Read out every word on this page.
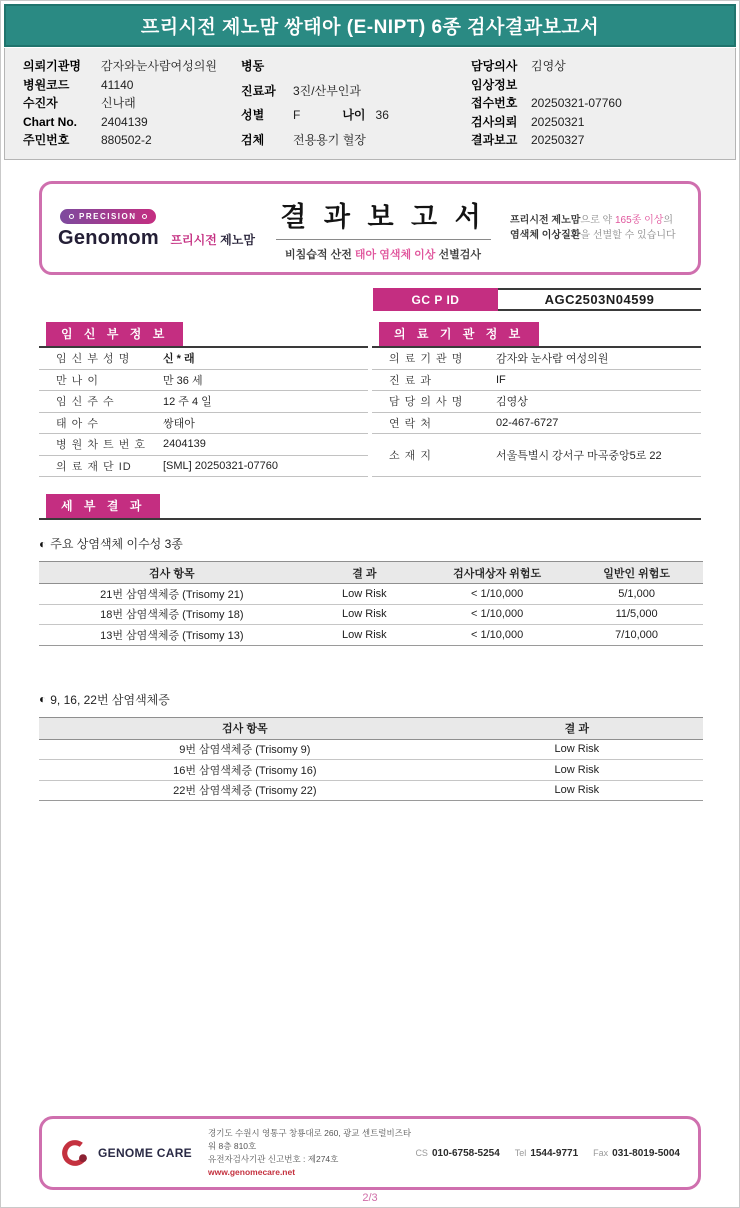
프리시전 제노맘 쌍태아 (E-NIPT) 6종 검사결과보고서
의뢰기관명	감자와눈사람여성의원
병원코드	41140
수진자	신나래
Chart No.	2404139
주민번호	880502-2
병동
진료과	3진/산부인과
성별	F	나이 36
검체	전용용기 혈장
담당의사	김영상
임상정보
접수번호	20250321-07760
검사의뢰	20250321
결과보고	20250327
PRECISION
Genomom 프리시전 제노맘
결 과 보 고 서
비침습적 산전 태아 염색체 이상 선별검사
프리시전 제노맘으로 약 165종 이상의
염색체 이상질환을 선별할 수 있습니다
GC P ID	AGC2503N04599
임 신 부 정 보
임 신 부 성 명	신 * 래
만 나 이	만 36 세
임 신 주 수	12 주 4 일
태 아 수	쌍태아
병 원 차 트 번 호	2404139
의 료 재 단 ID	[SML] 20250321-07760
의 료 기 관 정 보
의 료 기 관 명	감자와 눈사람 여성의원
진 료 과	IF
담 당 의 사 명	김영상
연 락 처	02-467-6727
소 재 지	서울특별시 강서구 마곡중앙5로 22
세 부 결 과
◐ 주요 상염색체 이수성 3종
검사 항목	결 과	검사대상자 위험도	일반인 위험도
21번 삼염색체증 (Trisomy 21)	Low Risk	< 1/10,000	5/1,000
18번 삼염색체증 (Trisomy 18)	Low Risk	< 1/10,000	11/5,000
13번 삼염색체증 (Trisomy 13)	Low Risk	< 1/10,000	7/10,000
◐ 9, 16, 22번 삼염색체증
검사 항목	결 과
9번 삼염색체증 (Trisomy 9)	Low Risk
16번 삼염색체증 (Trisomy 16)	Low Risk
22번 삼염색체증 (Trisomy 22)	Low Risk
GENOME CARE
경기도 수원시 영통구 창룡대로 260, 광교 센트럴비즈타워 8층 810호
유전자검사기관 신고번호 : 제274호
www.genomecare.net
CS 010-6758-5254 Tel 1544-9771 Fax 031-8019-5004
2/3
